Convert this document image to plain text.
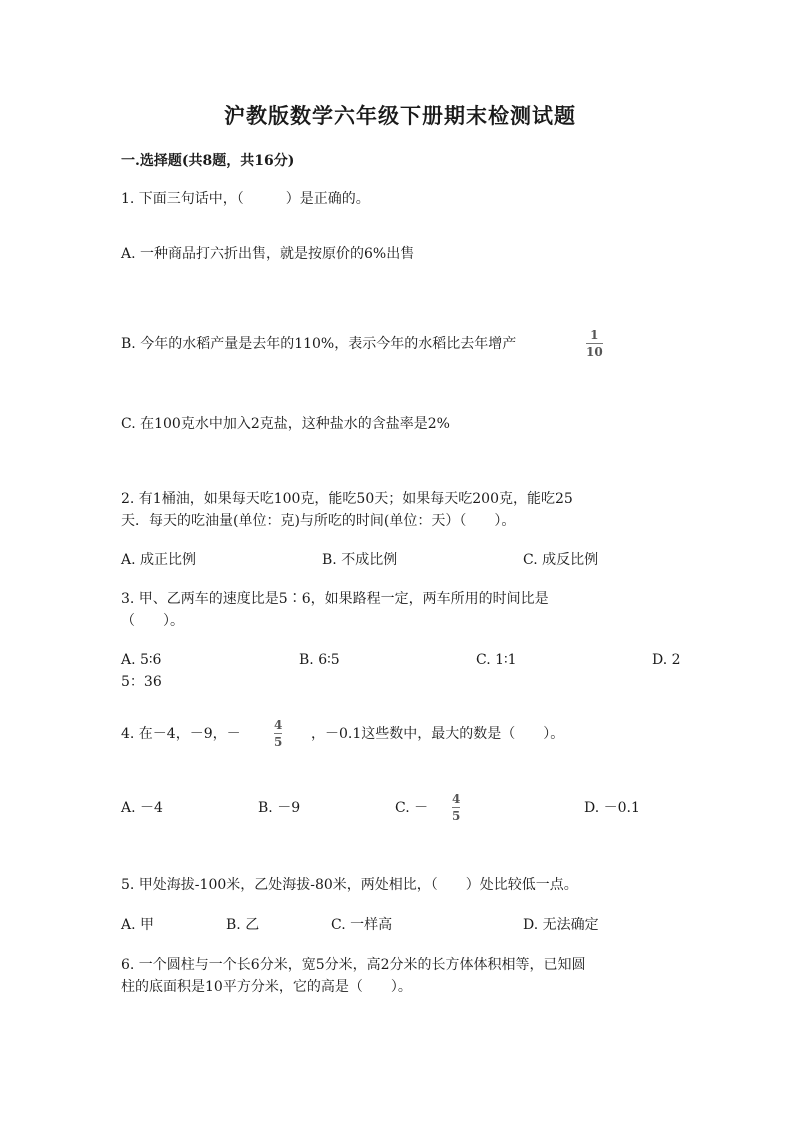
沪教版数学六年级下册期末检测试题
一.选择题(共8题，共16分)
1. 下面三句话中，（　　　）是正确的。
A. 一种商品打六折出售，就是按原价的6%出售
B. 今年的水稻产量是去年的110%，表示今年的水稻比去年增产
1
10
C. 在100克水中加入2克盐，这种盐水的含盐率是2%
2. 有1桶油，如果每天吃100克，能吃50天；如果每天吃200克，能吃25
天．每天的吃油量(单位：克)与所吃的时间(单位：天）（　　）。
A. 成正比例	B. 不成比例	C. 成反比例
3. 甲、乙两车的速度比是5∶6，如果路程一定，两车所用的时间比是
（　　）。
A. 5∶6	B. 6∶5	C. 1∶1	D. 2
5：36
4. 在－4，－9，－
4
5 ，－0.1这些数中，最大的数是（　　）。
A. －4	B. －9	C. －
4
5	D. －0.1
5. 甲处海拔-100米，乙处海拔-80米，两处相比，（　　）处比较低一点。
A. 甲	B. 乙	C. 一样高	D. 无法确定
6. 一个圆柱与一个长6分米，宽5分米，高2分米的长方体体积相等，已知圆
柱的底面积是10平方分米，它的高是（　　）。
